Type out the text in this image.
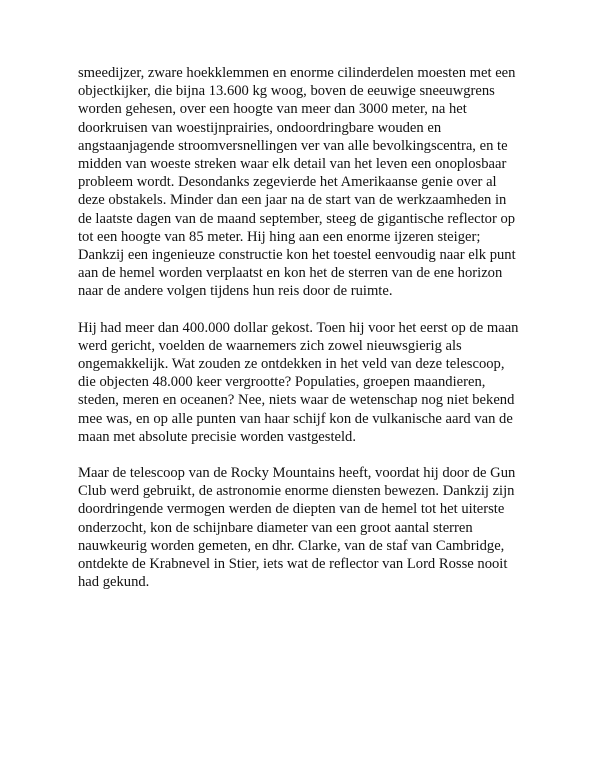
smeedijzer, zware hoekklemmen en enorme cilinderdelen moesten met een
objectkijker, die bijna 13.600 kg woog, boven de eeuwige sneeuwgrens
worden gehesen, over een hoogte van meer dan 3000 meter, na het
doorkruisen van woestijnprairies, ondoordringbare wouden en
angstaanjagende stroomversnellingen ver van alle bevolkingscentra, en te
midden van woeste streken waar elk detail van het leven een onoplosbaar
probleem wordt. Desondanks zegevierde het Amerikaanse genie over al
deze obstakels. Minder dan een jaar na de start van de werkzaamheden in
de laatste dagen van de maand september, steeg de gigantische reflector op
tot een hoogte van 85 meter. Hij hing aan een enorme ijzeren steiger;
Dankzij een ingenieuze constructie kon het toestel eenvoudig naar elk punt
aan de hemel worden verplaatst en kon het de sterren van de ene horizon
naar de andere volgen tijdens hun reis door de ruimte.

Hij had meer dan 400.000 dollar gekost. Toen hij voor het eerst op de maan
werd gericht, voelden de waarnemers zich zowel nieuwsgierig als
ongemakkelijk. Wat zouden ze ontdekken in het veld van deze telescoop,
die objecten 48.000 keer vergrootte? Populaties, groepen maandieren,
steden, meren en oceanen? Nee, niets waar de wetenschap nog niet bekend
mee was, en op alle punten van haar schijf kon de vulkanische aard van de
maan met absolute precisie worden vastgesteld.

Maar de telescoop van de Rocky Mountains heeft, voordat hij door de Gun
Club werd gebruikt, de astronomie enorme diensten bewezen. Dankzij zijn
doordringende vermogen werden de diepten van de hemel tot het uiterste
onderzocht, kon de schijnbare diameter van een groot aantal sterren
nauwkeurig worden gemeten, en dhr. Clarke, van de staf van Cambridge,
ontdekte de Krabnevel in Stier, iets wat de reflector van Lord Rosse nooit
had gekund.
